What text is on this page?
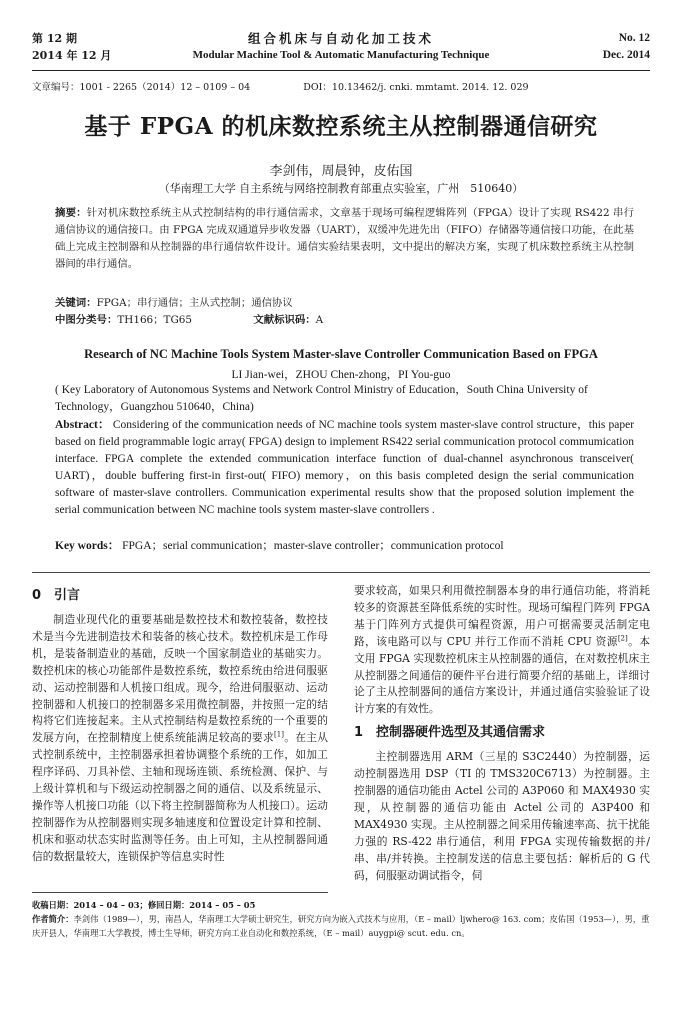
第 12 期
2014 年 12 月
组合机床与自动化加工技术
Modular Machine Tool & Automatic Manufacturing Technique
No. 12
Dec. 2014
文章编号：1001 - 2265（2014）12 – 0109 – 04	DOI：10.13462/j. cnki. mmtamt. 2014. 12. 029
基于 FPGA 的机床数控系统主从控制器通信研究
李剑伟，周晨钟，皮佑国
（华南理工大学 自主系统与网络控制教育部重点实验室，广州　510640）
摘要：针对机床数控系统主从式控制结构的串行通信需求，文章基于现场可编程逻辑阵列（FPGA）设计了实现 RS422 串行通信协议的通信接口。由 FPGA 完成双通道异步收发器（UART），双缓冲先进先出（FIFO）存储器等通信接口功能，在此基础上完成主控制器和从控制器的串行通信软件设计。通信实验结果表明，文中提出的解决方案，实现了机床数控系统主从控制器间的串行通信。
关键词：FPGA；串行通信；主从式控制；通信协议
中图分类号：TH166；TG65	文献标识码：A
Research of NC Machine Tools System Master-slave Controller Communication Based on FPGA
LI Jian-wei，ZHOU Chen-zhong，PI You-guo
( Key Laboratory of Autonomous Systems and Network Control Ministry of Education，South China University of Technology，Guangzhou 510640，China)
Abstract： Considering of the communication needs of NC machine tools system master-slave control structure，this paper based on field programmable logic array( FPGA) design to implement RS422 serial communication protocol commumication interface. FPGA complete the extended communication interface function of dual-channel asynchronous transceiver( UART)，double buffering first-in first-out( FIFO) memory，on this basis completed design the serial communication software of master-slave controllers. Communication experimental results show that the proposed solution implement the serial communication between NC machine tools system master-slave controllers .
Key words： FPGA；serial communication；master-slave controller；communication protocol
0 引言

制造业现代化的重要基础是数控技术和数控装备，数控技术是当今先进制造技术和装备的核心技术。数控机床是工作母机，是装备制造业的基础，反映一个国家制造业的基础实力。数控机床的核心功能部件是数控系统，数控系统由给进伺服驱动、运动控制器和人机接口组成。现今，给进伺服驱动、运动控制器和人机接口的控制器多采用微控制器，并按照一定的结构将它们连接起来。主从式控制结构是数控系统的一个重要的发展方向，在控制精度上使系统能满足较高的要求[1]。在主从式控制系统中，主控制器承担着协调整个系统的工作，如加工程序译码、刀具补偿、主轴和现场连锁、系统检测、保护、与上级计算机和与下级运动控制器之间的通信、以及系统显示、操作等人机接口功能（以下将主控制器简称为人机接口）。运动控制器作为从控制器则实现多轴速度和位置设定计算和控制、机床和驱动状态实时监测等任务。由上可知，主从控制器间通信的数据量较大，连锁保护等信息实时性

要求较高，如果只利用微控制器本身的串行通信功能，将消耗较多的资源甚至降低系统的实时性。现场可编程门阵列 FPGA 基于门阵列方式提供可编程资源，用户可据需要灵活制定电路，该电路可以与 CPU 并行工作而不消耗 CPU 资源[2]。本文用 FPGA 实现数控机床主从控制器的通信，在对数控机床主从控制器之间通信的硬件平台进行简要介绍的基础上，详细讨论了主从控制器间的通信方案设计，并通过通信实验验证了设计方案的有效性。

1 控制器硬件选型及其通信需求

主控制器选用 ARM（三星的 S3C2440）为控制器，运动控制器选用 DSP（TI 的 TMS320C6713）为控制器。主控制器的通信功能由 Actel 公司的 A3P060 和 MAX4930 实现，从控制器的通信功能由 Actel 公司的 A3P400 和 MAX4930 实现。主从控制器之间采用传输速率高、抗干扰能力强的 RS-422 串行通信，利用 FPGA 实现传输数据的并/串、串/并转换。主控制发送的信息主要包括：解析后的 G 代码，伺服驱动调试指令，伺

收稿日期：2014 – 04 – 03；修回日期：2014 – 05 – 05
作者简介：李剑伟（1989—），男，南昌人，华南理工大学硕士研究生，研究方向为嵌入式技术与应用，（E – mail）ljwhero@ 163. com；皮佑国（1953—），男，重庆开县人，华南理工大学教授，博士生导师，研究方向工业自动化和数控系统，（E – mail）auygpi@ scut. edu. cn。
